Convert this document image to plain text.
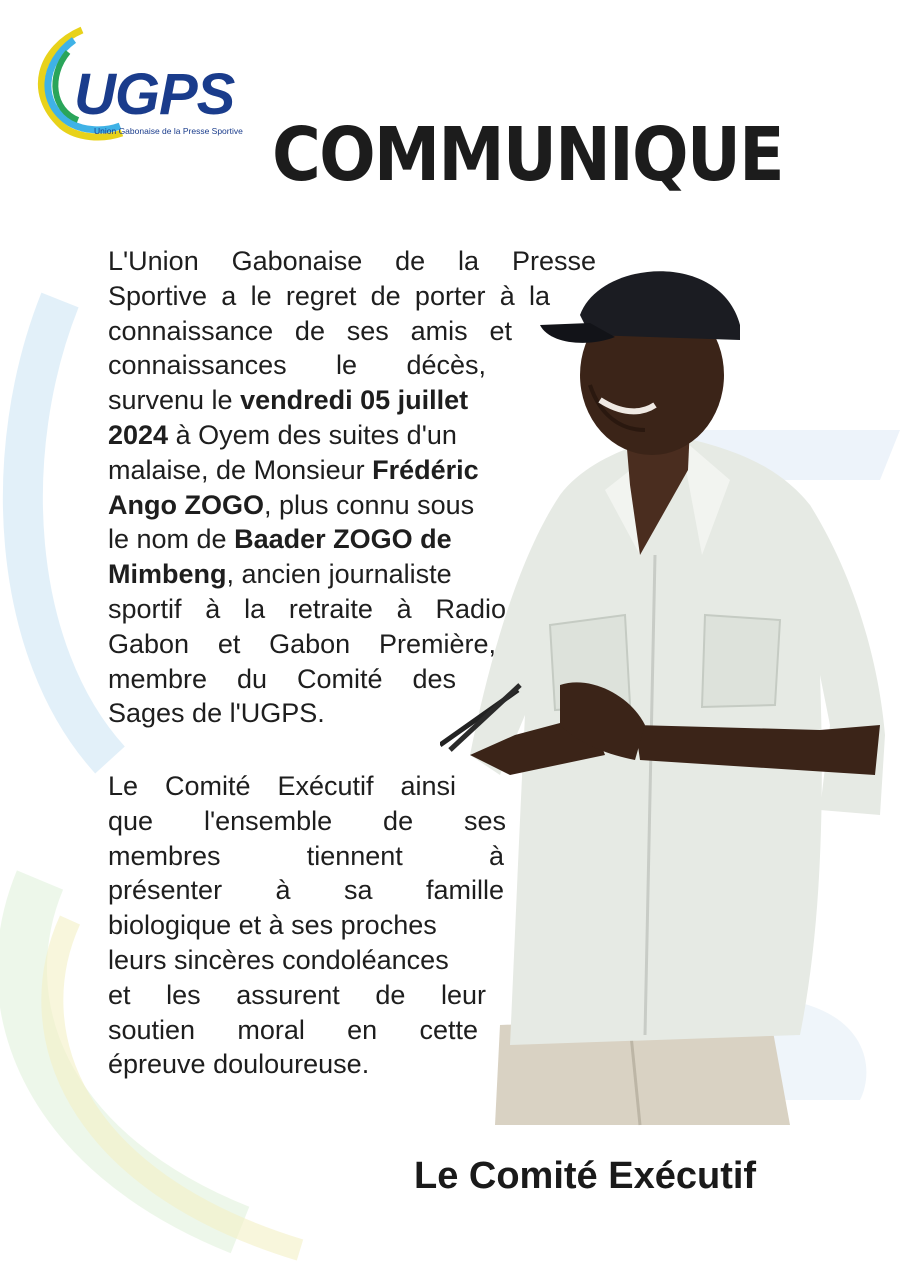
UGPS
Union Gabonaise de la Presse Sportive COMMUNIQUE
L'Union Gabonaise de la Presse
Sportive a le regret de porter à la
connaissance de ses amis et
connaissances le décès,
survenu le vendredi 05 juillet
2024 à Oyem des suites d'un
malaise, de Monsieur Frédéric
Ango ZOGO, plus connu sous
le nom de Baader ZOGO de
Mimbeng, ancien journaliste
sportif à la retraite à Radio
Gabon et Gabon Première,
membre du Comité des
Sages de l'UGPS.
Le Comité Exécutif ainsi
que l'ensemble de ses
membres tiennent à
présenter à sa famille
biologique et à ses proches
leurs sincères condoléances
et les assurent de leur
soutien moral en cette
épreuve douloureuse.
Le Comité Exécutif
